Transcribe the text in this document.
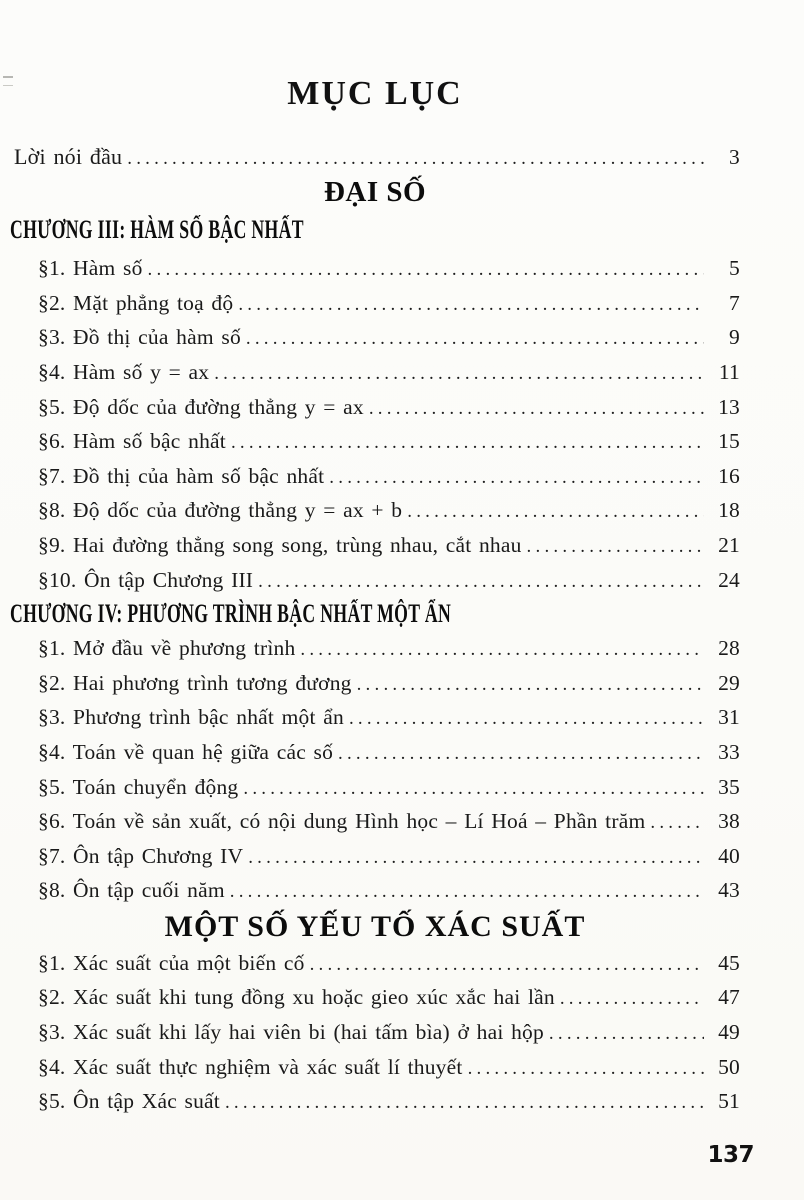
MỤC LỤC
Lời nói đầu .....	3
ĐẠI SỐ
CHƯƠNG III: HÀM SỐ BẬC NHẤT
§1. Hàm số .....	5
§2. Mặt phẳng toạ độ .....	7
§3. Đồ thị của hàm số .....	9
§4. Hàm số y = ax .....	11
§5. Độ dốc của đường thẳng y = ax .....	13
§6. Hàm số bậc nhất .....	15
§7. Đồ thị của hàm số bậc nhất .....	16
§8. Độ dốc của đường thẳng y = ax + b .....	18
§9. Hai đường thẳng song song, trùng nhau, cắt nhau .....	21
§10. Ôn tập Chương III .....	24
CHƯƠNG IV: PHƯƠNG TRÌNH BẬC NHẤT MỘT ẨN
§1. Mở đầu về phương trình .....	28
§2. Hai phương trình tương đương .....	29
§3. Phương trình bậc nhất một ẩn .....	31
§4. Toán về quan hệ giữa các số .....	33
§5. Toán chuyển động .....	35
§6. Toán về sản xuất, có nội dung Hình học – Lí Hoá – Phần trăm .....	38
§7. Ôn tập Chương IV .....	40
§8. Ôn tập cuối năm .....	43
MỘT SỐ YẾU TỐ XÁC SUẤT
§1. Xác suất của một biến cố .....	45
§2. Xác suất khi tung đồng xu hoặc gieo xúc xắc hai lần .....	47
§3. Xác suất khi lấy hai viên bi (hai tấm bìa) ở hai hộp .....	49
§4. Xác suất thực nghiệm và xác suất lí thuyết .....	50
§5. Ôn tập Xác suất .....	51
137
